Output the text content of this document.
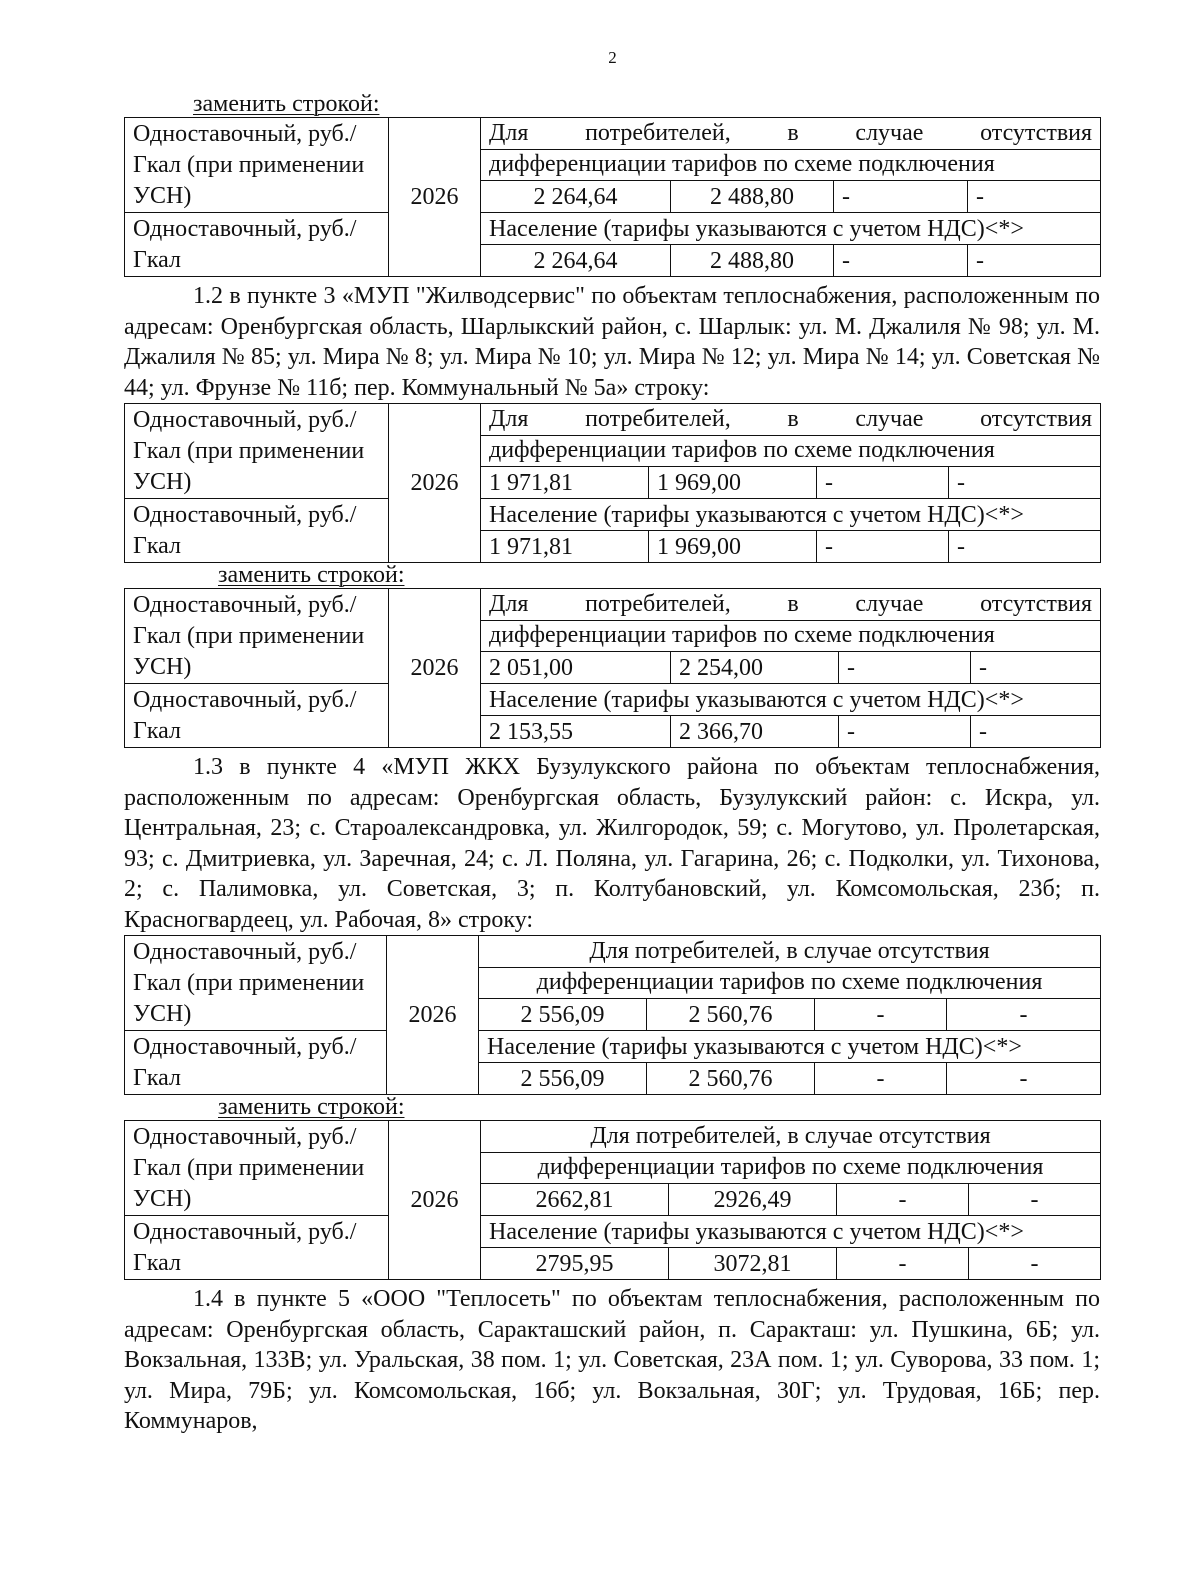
2
заменить строкой:
Одноставочный, руб./Гкал (при применении УСН)	2026	Для потребителей, в случае отсутствия			

		дифференциации тарифов по схеме подключения			
		2 264,64	2 488,80	-	-
Одноставочный, руб./Гкал		Население (тарифы указываются с учетом НДС)<*>			
		2 264,64	2 488,80	-	-

1.2 в пункте 3 «МУП "Жилводсервис" по объектам теплоснабжения, расположенным по адресам: Оренбургская область, Шарлыкский район, с. Шарлык: ул. М. Джалиля № 98; ул. М. Джалиля № 85; ул. Мира № 8; ул. Мира № 10; ул. Мира № 12; ул. Мира № 14; ул. Советская № 44; ул. Фрунзе № 11б; пер. Коммунальный № 5а» строку:

Одноставочный, руб./Гкал (при применении УСН)	2026	Для потребителей, в случае отсутствия			

		дифференциации тарифов по схеме подключения			
		1 971,81	1 969,00	-	-
Одноставочный, руб./Гкал		Население (тарифы указываются с учетом НДС)<*>			
		1 971,81	1 969,00	-	-
заменить строкой:
Одноставочный, руб./Гкал (при применении УСН)	2026	Для потребителей, в случае отсутствия			

		дифференциации тарифов по схеме подключения			
		2 051,00	2 254,00	-	-
Одноставочный, руб./Гкал		Население (тарифы указываются с учетом НДС)<*>			
		2 153,55	2 366,70	-	-

1.3 в пункте 4 «МУП ЖКХ Бузулукского района по объектам теплоснабжения, расположенным по адресам: Оренбургская область, Бузулукский район: с. Искра, ул. Центральная, 23; с. Староалександровка, ул. Жилгородок, 59; с. Могутово, ул. Пролетарская, 93; с. Дмитриевка, ул. Заречная, 24; с. Л. Поляна, ул. Гагарина, 26; с. Подколки, ул. Тихонова, 2; с. Палимовка, ул. Советская, 3; п. Колтубановский, ул. Комсомольская, 23б; п. Красногвардеец, ул. Рабочая, 8» строку:

Одноставочный, руб./Гкал (при применении УСН)	2026	Для потребителей, в случае отсутствия			

		дифференциации тарифов по схеме подключения			
		2 556,09	2 560,76	-	-
Одноставочный, руб./Гкал		Население (тарифы указываются с учетом НДС)<*>			
		2 556,09	2 560,76	-	-
заменить строкой:
Одноставочный, руб./Гкал (при применении УСН)	2026	Для потребителей, в случае отсутствия			

		дифференциации тарифов по схеме подключения			
		2662,81	2926,49	-	-
Одноставочный, руб./Гкал		Население (тарифы указываются с учетом НДС)<*>			
		2795,95	3072,81	-	-

1.4 в пункте 5 «ООО "Теплосеть" по объектам теплоснабжения, расположенным по адресам: Оренбургская область, Саракташский район, п. Саракташ: ул. Пушкина, 6Б; ул. Вокзальная, 133В; ул. Уральская, 38 пом. 1; ул. Советская, 23А пом. 1; ул. Суворова, 33 пом. 1; ул. Мира, 79Б; ул. Комсомольская, 16б; ул. Вокзальная, 30Г; ул. Трудовая, 16Б; пер. Коммунаров,
